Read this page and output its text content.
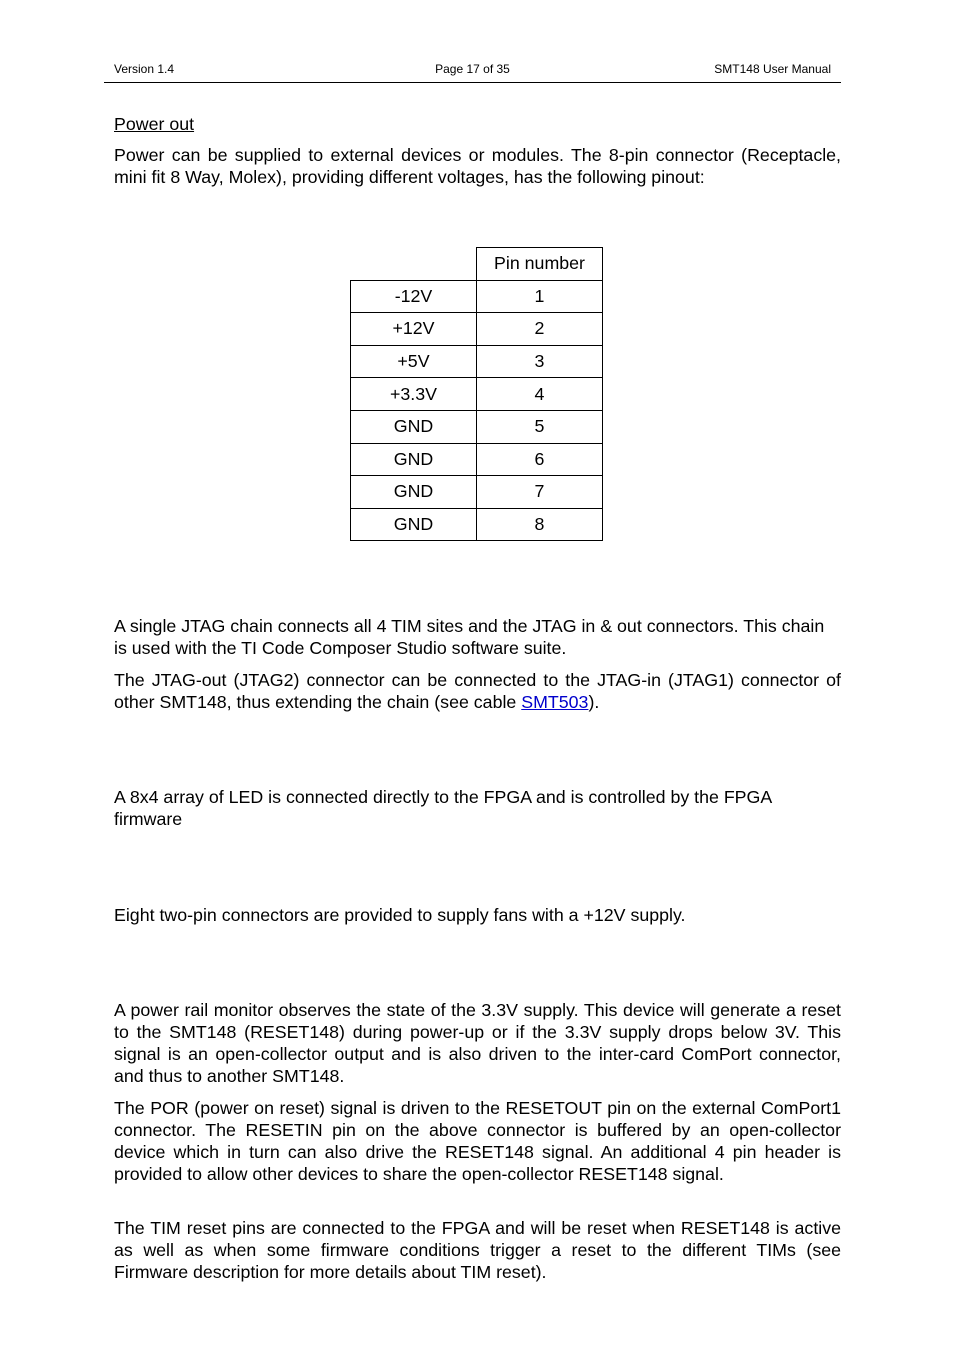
Version 1.4	Page 17 of 35	SMT148 User Manual
Power out
Power can be supplied to external devices or modules. The 8-pin connector (Receptacle, mini fit 8 Way, Molex), providing different voltages, has the following pinout:
	Pin number
-12V	1
+12V	2
+5V	3
+3.3V	4
GND	5
GND	6
GND	7
GND	8
A single JTAG chain connects all 4 TIM sites and the JTAG in & out connectors. This chain is used with the TI Code Composer Studio software suite.
The JTAG-out (JTAG2) connector can be connected to the JTAG-in (JTAG1) connector of other SMT148, thus extending the chain (see cable SMT503).
A 8x4 array of LED is connected directly to the FPGA and is controlled by the FPGA firmware
Eight two-pin connectors are provided to supply fans with a +12V supply.
A power rail monitor observes the state of the 3.3V supply. This device will generate a reset to the SMT148 (RESET148) during power-up or if the 3.3V supply drops below 3V. This signal is an open-collector output and is also driven to the inter-card ComPort connector, and thus to another SMT148.
The POR (power on reset) signal is driven to the RESETOUT pin on the external ComPort1 connector. The RESETIN pin on the above connector is buffered by an open-collector device which in turn can also drive the RESET148 signal. An additional 4 pin header is provided to allow other devices to share the open-collector RESET148 signal.
The TIM reset pins are connected to the FPGA and will be reset when RESET148 is active as well as when some firmware conditions trigger a reset to the different TIMs (see Firmware description for more details about TIM reset).
